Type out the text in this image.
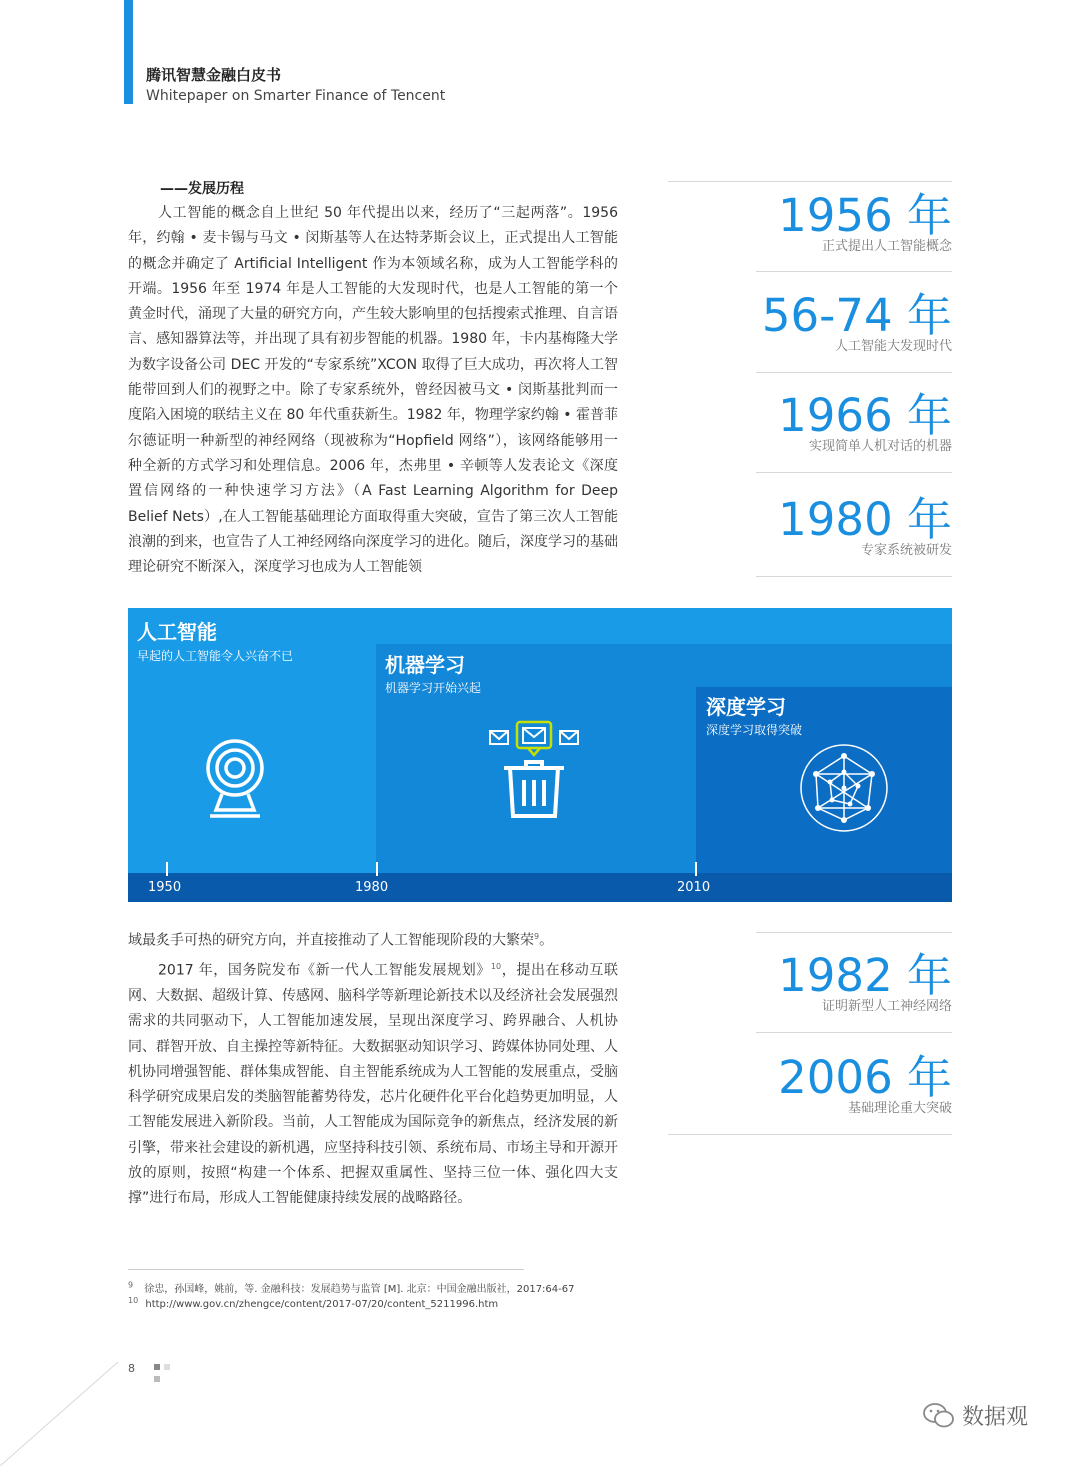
腾讯智慧金融白皮书
Whitepaper on Smarter Finance of Tencent
——发展历程

人工智能的概念自上世纪 50 年代提出以来，经历了“三起两落”。1956 年，约翰 • 麦卡锡与马文 • 闵斯基等人在达特茅斯会议上，正式提出人工智能的概念并确定了 Artificial Intelligent 作为本领域名称，成为人工智能学科的开端。1956 年至 1974 年是人工智能的大发现时代，也是人工智能的第一个黄金时代，涌现了大量的研究方向，产生较大影响里的包括搜索式推理、自言语言、感知器算法等，并出现了具有初步智能的机器。1980 年，卡内基梅隆大学为数字设备公司 DEC 开发的“专家系统”XCON 取得了巨大成功，再次将人工智能带回到人们的视野之中。除了专家系统外，曾经因被马文 • 闵斯基批判而一度陷入困境的联结主义在 80 年代重获新生。1982 年，物理学家约翰 • 霍普菲尔德证明一种新型的神经网络（现被称为“Hopfield 网络”），该网络能够用一种全新的方式学习和处理信息。2006 年，杰弗里 • 辛顿等人发表论文《深度置信网络的一种快速学习方法》（A Fast Learning Algorithm for Deep Belief Nets）,在人工智能基础理论方面取得重大突破，宣告了第三次人工智能浪潮的到来，也宣告了人工神经网络向深度学习的进化。随后，深度学习的基础理论研究不断深入，深度学习也成为人工智能领

1956 年
正式提出人工智能概念
56-74 年
人工智能大发现时代
1966 年
实现简单人机对话的机器
1980 年
专家系统被研发
人工智能
早起的人工智能令人兴奋不已	机器学习
机器学习开始兴起
深度学习
深度学习取得突破
1950	1980	2010

域最炙手可热的研究方向，并直接推动了人工智能现阶段的大繁荣$^9$。

2017 年，国务院发布《新一代人工智能发展规划》$^{10}$，提出在移动互联网、大数据、超级计算、传感网、脑科学等新理论新技术以及经济社会发展强烈需求的共同驱动下，人工智能加速发展，呈现出深度学习、跨界融合、人机协同、群智开放、自主操控等新特征。大数据驱动知识学习、跨媒体协同处理、人机协同增强智能、群体集成智能、自主智能系统成为人工智能的发展重点，受脑科学研究成果启发的类脑智能蓄势待发，芯片化硬件化平台化趋势更加明显，人工智能发展进入新阶段。当前，人工智能成为国际竞争的新焦点，经济发展的新引擎，带来社会建设的新机遇，应坚持科技引领、系统布局、市场主导和开源开放的原则，按照“构建一个体系、把握双重属性、坚持三位一体、强化四大支撑”进行布局，形成人工智能健康持续发展的战略路径。

1982 年
证明新型人工神经网络
2006 年
基础理论重大突破
$^9$ 徐忠，孙国峰，姚前，等. 金融科技：发展趋势与监管 [M]. 北京：中国金融出版社，2017:64-67
$^{10}$ http://www.gov.cn/zhengce/content/2017-07/20/content_5211996.htm
8
数据观
